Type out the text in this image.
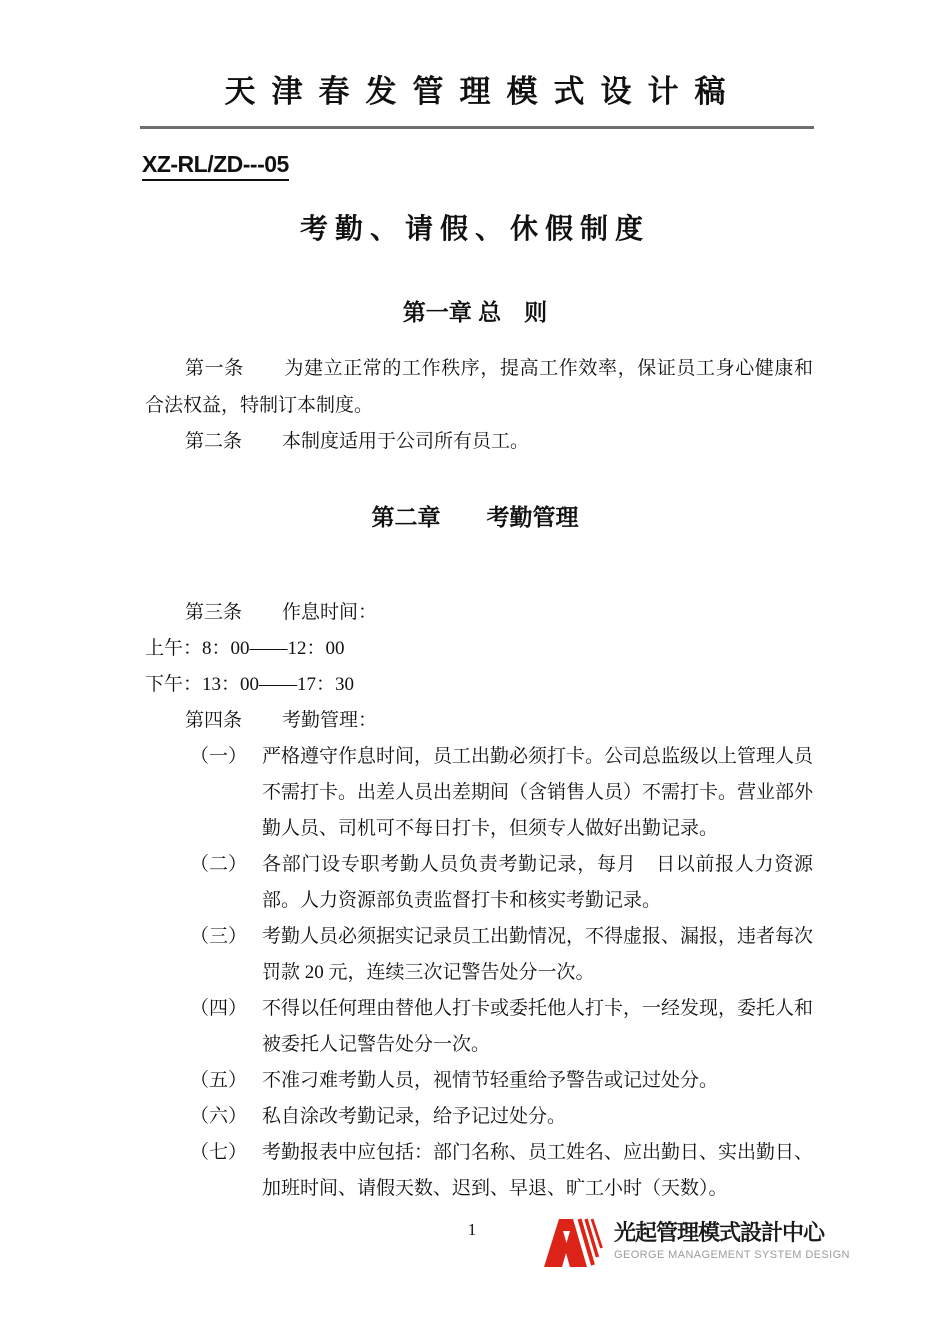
天津春发管理模式设计稿
XZ-RL/ZD---05
考勤、请假、休假制度
第一章 总　则

第一条 为建立正常的工作秩序，提高工作效率，保证员工身心健康和合法权益，特制订本制度。

第二条 本制度适用于公司所有员工。

第二章　　考勤管理

第三条 作息时间：

上午：8：00——12：00

下午：13：00——17：30

第四条 考勤管理：

（一） 严格遵守作息时间，员工出勤必须打卡。公司总监级以上管理人员不需打卡。出差人员出差期间（含销售人员）不需打卡。营业部外勤人员、司机可不每日打卡，但须专人做好出勤记录。
（二） 各部门设专职考勤人员负责考勤记录，每月　日以前报人力资源部。人力资源部负责监督打卡和核实考勤记录。
（三） 考勤人员必须据实记录员工出勤情况，不得虚报、漏报，违者每次罚款 20 元，连续三次记警告处分一次。
（四） 不得以任何理由替他人打卡或委托他人打卡，一经发现，委托人和被委托人记警告处分一次。
（五） 不准刁难考勤人员，视情节轻重给予警告或记过处分。
（六） 私自涂改考勤记录，给予记过处分。
（七） 考勤报表中应包括：部门名称、员工姓名、应出勤日、实出勤日、加班时间、请假天数、迟到、早退、旷工小时（天数）。
1	光起管理模式設計中心
GEORGE MANAGEMENT SYSTEM DESIGN
